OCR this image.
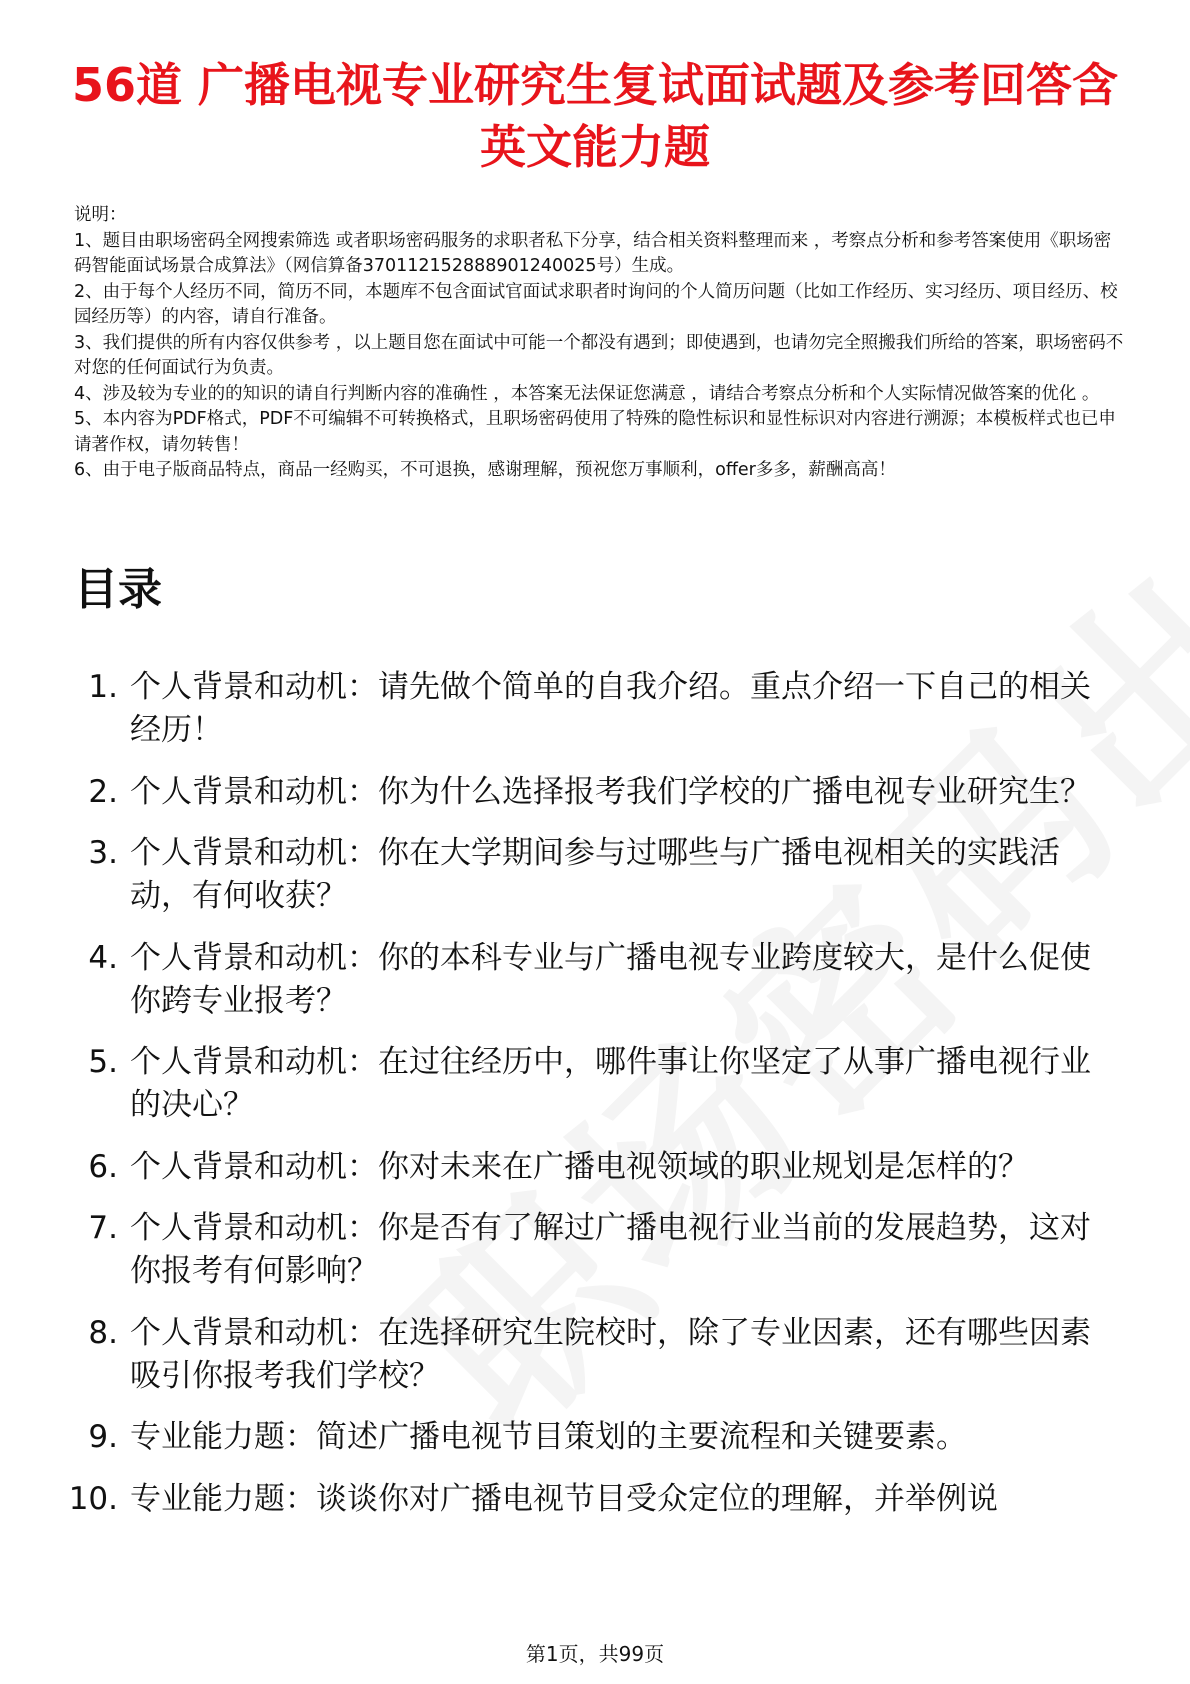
56道 广播电视专业研究生复试面试题及参考回答含英文能力题

说明：

1、题目由职场密码全网搜索筛选 或者职场密码服务的求职者私下分享，结合相关资料整理而来 ，考察点分析和参考答案使用《职场密码智能面试场景合成算法》（网信算备370112152888901240025号）生成。

2、由于每个人经历不同，简历不同，本题库不包含面试官面试求职者时询问的个人简历问题（比如工作经历、实习经历、项目经历、校园经历等）的内容，请自行准备。

3、我们提供的所有内容仅供参考 ，以上题目您在面试中可能一个都没有遇到；即使遇到，也请勿完全照搬我们所给的答案，职场密码不对您的任何面试行为负责。

4、涉及较为专业的的知识的请自行判断内容的准确性 ，本答案无法保证您满意 ，请结合考察点分析和个人实际情况做答案的优化 。

5、本内容为PDF格式，PDF不可编辑不可转换格式，且职场密码使用了特殊的隐性标识和显性标识对内容进行溯源；本模板样式也已申请著作权，请勿转售！

6、由于电子版商品特点，商品一经购买，不可退换，感谢理解，预祝您万事顺利，offer多多，薪酬高高！

目录
1. 个人背景和动机：请先做个简单的自我介绍。重点介绍一下自己的相关经历！
2. 个人背景和动机：你为什么选择报考我们学校的广播电视专业研究生？
3. 个人背景和动机：你在大学期间参与过哪些与广播电视相关的实践活动，有何收获？
4. 个人背景和动机：你的本科专业与广播电视专业跨度较大，是什么促使你跨专业报考？
5. 个人背景和动机：在过往经历中，哪件事让你坚定了从事广播电视行业的决心？
6. 个人背景和动机：你对未来在广播电视领域的职业规划是怎样的？
7. 个人背景和动机：你是否有了解过广播电视行业当前的发展趋势，这对你报考有何影响？
8. 个人背景和动机：在选择研究生院校时，除了专业因素，还有哪些因素吸引你报考我们学校？
9. 专业能力题：简述广播电视节目策划的主要流程和关键要素。
10. 专业能力题：谈谈你对广播电视节目受众定位的理解，并举例说
第1页，共99页
